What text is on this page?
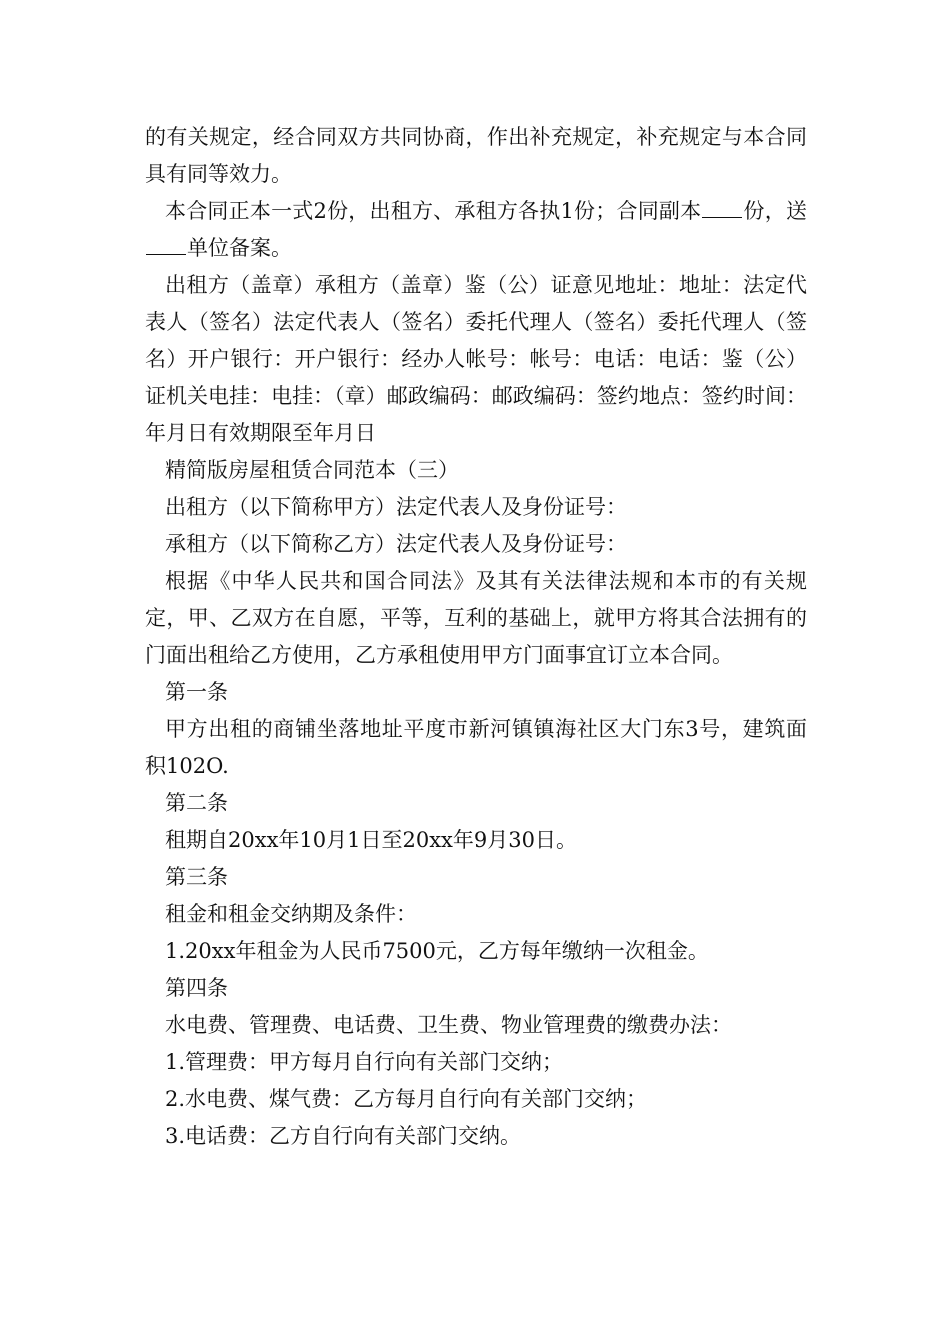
的有关规定，经合同双方共同协商，作出补充规定，补充规定与本合同具有同等效力。

本合同正本一式2份，出租方、承租方各执1份；合同副本 份，送单位备案。

出租方（盖章）承租方（盖章）鉴（公）证意见地址：地址：法定代表人（签名）法定代表人（签名）委托代理人（签名）委托代理人（签名）开户银行：开户银行：经办人帐号：帐号：电话：电话：鉴（公）证机关电挂：电挂：（章）邮政编码：邮政编码：签约地点：签约时间：年月日有效期限至年月日

精简版房屋租赁合同范本（三）

出租方（以下简称甲方）法定代表人及身份证号：

承租方（以下简称乙方）法定代表人及身份证号：

根据《中华人民共和国合同法》及其有关法律法规和本市的有关规定，甲、乙双方在自愿，平等，互利的基础上，就甲方将其合法拥有的门面出租给乙方使用，乙方承租使用甲方门面事宜订立本合同。

第一条

甲方出租的商铺坐落地址平度市新河镇镇海社区大门东3号，建筑面积102O.

第二条

租期自20xx年10月1日至20xx年9月30日。

第三条

租金和租金交纳期及条件：

1.20xx年租金为人民币7500元，乙方每年缴纳一次租金。

第四条

水电费、管理费、电话费、卫生费、物业管理费的缴费办法：

1.管理费：甲方每月自行向有关部门交纳；

2.水电费、煤气费：乙方每月自行向有关部门交纳；

3.电话费：乙方自行向有关部门交纳。
